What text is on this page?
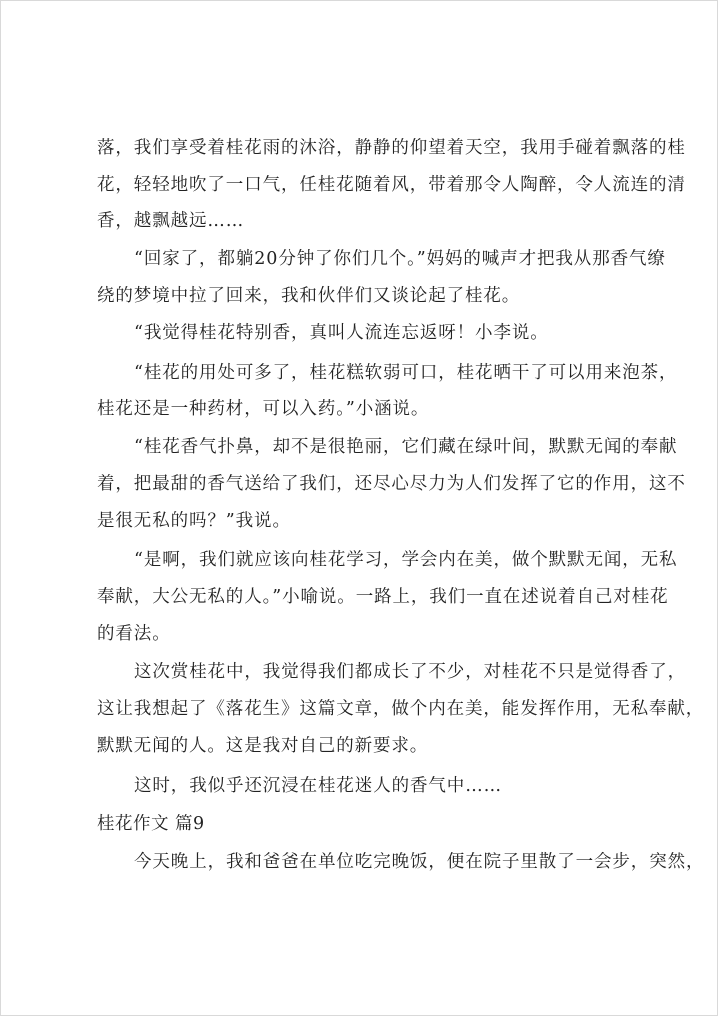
落，我们享受着桂花雨的沐浴，静静的仰望着天空，我用手碰着飘落的桂
花，轻轻地吹了一口气，任桂花随着风，带着那令人陶醉，令人流连的清
香，越飘越远……
“回家了，都躺20分钟了你们几个。”妈妈的喊声才把我从那香气缭
绕的梦境中拉了回来，我和伙伴们又谈论起了桂花。
“我觉得桂花特别香，真叫人流连忘返呀！小李说。
“桂花的用处可多了，桂花糕软弱可口，桂花晒干了可以用来泡茶，
桂花还是一种药材，可以入药。”小涵说。
“桂花香气扑鼻，却不是很艳丽，它们藏在绿叶间，默默无闻的奉献
着，把最甜的香气送给了我们，还尽心尽力为人们发挥了它的作用，这不
是很无私的吗？”我说。
“是啊，我们就应该向桂花学习，学会内在美，做个默默无闻，无私
奉献，大公无私的人。”小喻说。一路上，我们一直在述说着自己对桂花
的看法。
这次赏桂花中，我觉得我们都成长了不少，对桂花不只是觉得香了，
这让我想起了《落花生》这篇文章，做个内在美，能发挥作用，无私奉献，
默默无闻的人。这是我对自己的新要求。
这时，我似乎还沉浸在桂花迷人的香气中……
桂花作文 篇9
今天晚上，我和爸爸在单位吃完晚饭，便在院子里散了一会步，突然，
